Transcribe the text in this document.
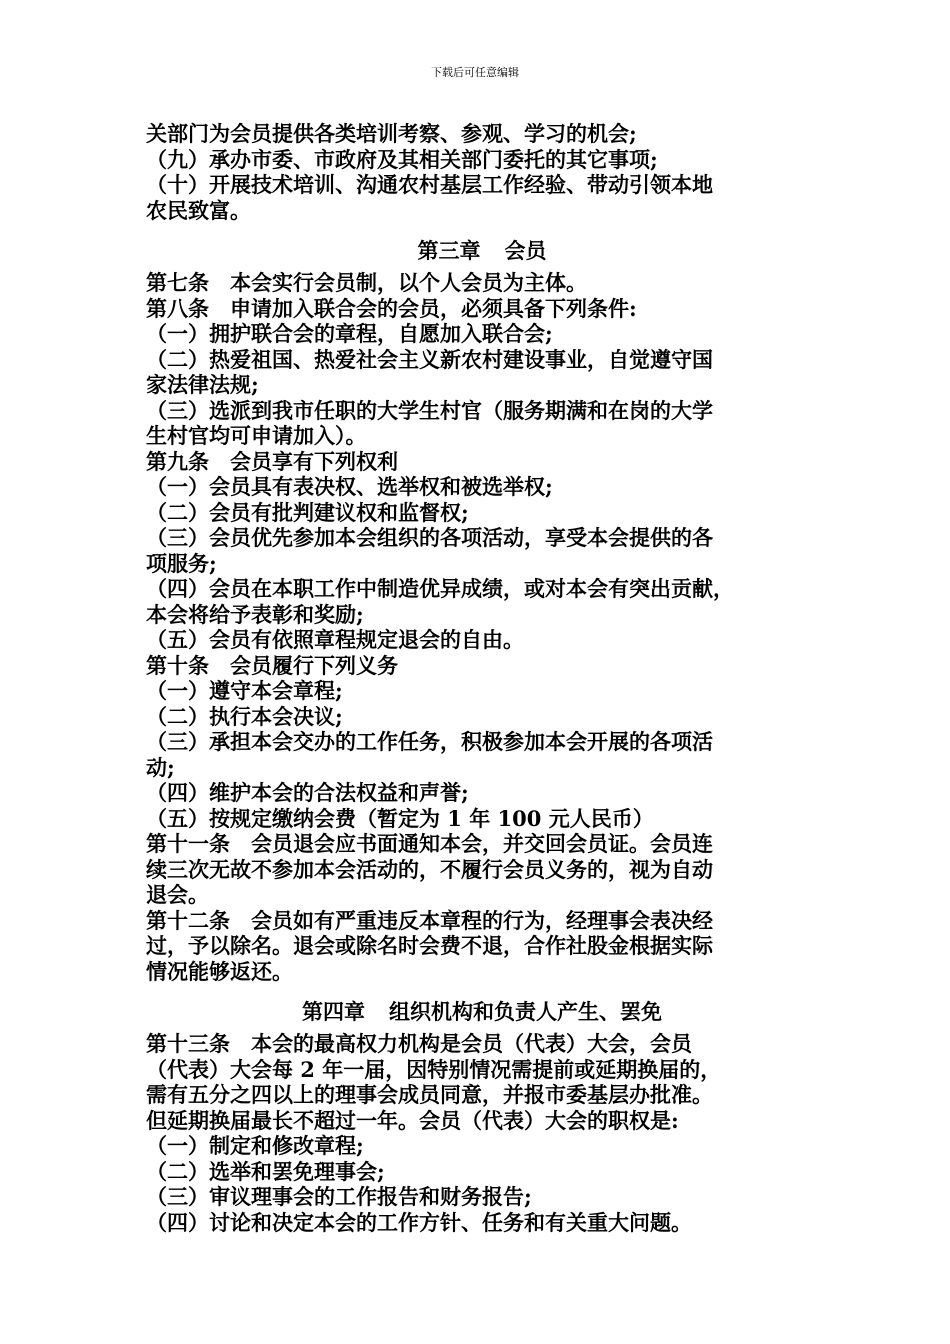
下载后可任意编辑
关部门为会员提供各类培训考察、参观、学习的机会;
（九）承办市委、市政府及其相关部门委托的其它事项;
（十）开展技术培训、沟通农村基层工作经验、带动引领本地
农民致富。
第三章 会员
第七条　本会实行会员制，以个人会员为主体。
第八条　申请加入联合会的会员，必须具备下列条件:
（一）拥护联合会的章程，自愿加入联合会;
（二）热爱祖国、热爱社会主义新农村建设事业，自觉遵守国
家法律法规;
（三）选派到我市任职的大学生村官（服务期满和在岗的大学
生村官均可申请加入）。
第九条　会员享有下列权利
（一）会员具有表决权、选举权和被选举权;
（二）会员有批判建议权和监督权;
（三）会员优先参加本会组织的各项活动，享受本会提供的各
项服务;
（四）会员在本职工作中制造优异成绩，或对本会有突出贡献，
本会将给予表彰和奖励;
（五）会员有依照章程规定退会的自由。
第十条　会员履行下列义务
（一）遵守本会章程;
（二）执行本会决议;
（三）承担本会交办的工作任务，积极参加本会开展的各项活
动;
（四）维护本会的合法权益和声誉;
（五）按规定缴纳会费（暂定为 1 年 100 元人民币）
第十一条　会员退会应书面通知本会，并交回会员证。会员连
续三次无故不参加本会活动的，不履行会员义务的，视为自动
退会。
第十二条　会员如有严重违反本章程的行为，经理事会表决经
过，予以除名。退会或除名时会费不退，合作社股金根据实际
情况能够返还。
第四章 组织机构和负责人产生、罢免
第十三条　本会的最高权力机构是会员（代表）大会，会员
（代表）大会每 2 年一届，因特别情况需提前或延期换届的，
需有五分之四以上的理事会成员同意，并报市委基层办批准。
但延期换届最长不超过一年。会员（代表）大会的职权是:
（一）制定和修改章程;
（二）选举和罢免理事会;
（三）审议理事会的工作报告和财务报告;
（四）讨论和决定本会的工作方针、任务和有关重大问题。
